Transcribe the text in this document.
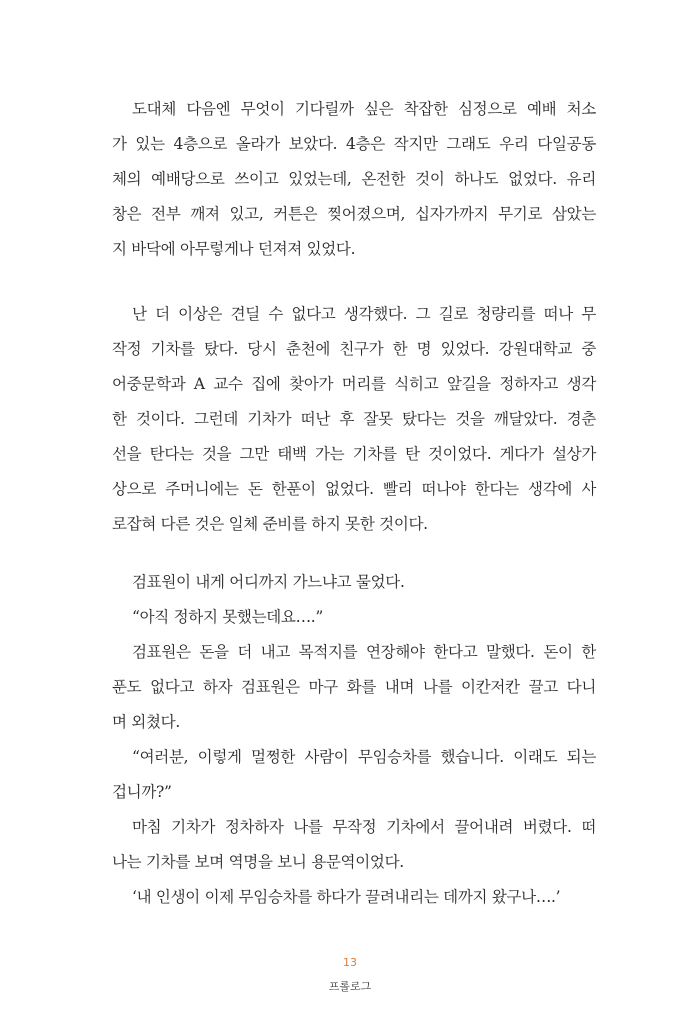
도대체 다음엔 무엇이 기다릴까 싶은 착잡한 심정으로 예배 처소
가 있는 4층으로 올라가 보았다. 4층은 작지만 그래도 우리 다일공동
체의 예배당으로 쓰이고 있었는데, 온전한 것이 하나도 없었다. 유리
창은 전부 깨져 있고, 커튼은 찢어졌으며, 십자가까지 무기로 삼았는
지 바닥에 아무렇게나 던져져 있었다.
난 더 이상은 견딜 수 없다고 생각했다. 그 길로 청량리를 떠나 무
작정 기차를 탔다. 당시 춘천에 친구가 한 명 있었다. 강원대학교 중
어중문학과 A 교수 집에 찾아가 머리를 식히고 앞길을 정하자고 생각
한 것이다. 그런데 기차가 떠난 후 잘못 탔다는 것을 깨달았다. 경춘
선을 탄다는 것을 그만 태백 가는 기차를 탄 것이었다. 게다가 설상가
상으로 주머니에는 돈 한푼이 없었다. 빨리 떠나야 한다는 생각에 사
로잡혀 다른 것은 일체 준비를 하지 못한 것이다.
검표원이 내게 어디까지 가느냐고 물었다.
“아직 정하지 못했는데요….”
검표원은 돈을 더 내고 목적지를 연장해야 한다고 말했다. 돈이 한
푼도 없다고 하자 검표원은 마구 화를 내며 나를 이칸저칸 끌고 다니
며 외쳤다.
“여러분, 이렇게 멀쩡한 사람이 무임승차를 했습니다. 이래도 되는
겁니까?”
마침 기차가 정차하자 나를 무작정 기차에서 끌어내려 버렸다. 떠
나는 기차를 보며 역명을 보니 용문역이었다.
‘내 인생이 이제 무임승차를 하다가 끌려내리는 데까지 왔구나….’
13
프롤로그
